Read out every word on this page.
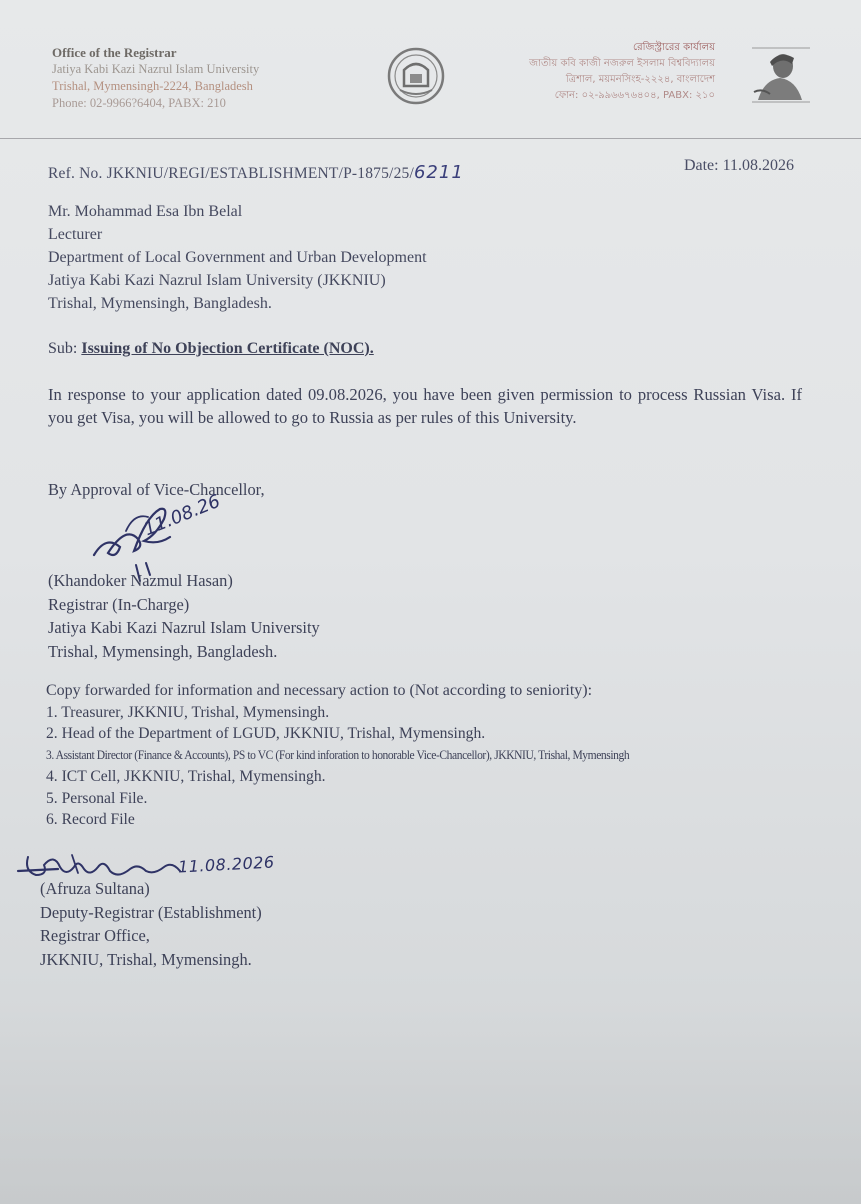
Office of the Registrar
Jatiya Kabi Kazi Nazrul Islam University
Trishal, Mymensingh-2224, Bangladesh
Phone: 02-9966?6404, PABX: 210
রেজিস্ট্রারের কার্যালয়
জাতীয় কবি কাজী নজরুল ইসলাম বিশ্ববিদ্যালয়
ত্রিশাল, ময়মনসিংহ-২২২৪, বাংলাদেশ
ফোন: ০২-৯৯৬৬৭৬৪০৪, PABX: ২১০
Ref. No. JKKNIU/REGI/ESTABLISHMENT/P-1875/25/6211	Date: 11.08.2026
Mr. Mohammad Esa Ibn Belal
Lecturer
Department of Local Government and Urban Development
Jatiya Kabi Kazi Nazrul Islam University (JKKNIU)
Trishal, Mymensingh, Bangladesh.
Sub: Issuing of No Objection Certificate (NOC).
In response to your application dated 09.08.2026, you have been given permission to process Russian Visa. If you get Visa, you will be allowed to go to Russia as per rules of this University.
By Approval of Vice-Chancellor,
11.08.26
(Khandoker Nazmul Hasan)
Registrar (In-Charge)
Jatiya Kabi Kazi Nazrul Islam University
Trishal, Mymensingh, Bangladesh.
Copy forwarded for information and necessary action to (Not according to seniority):
1. Treasurer, JKKNIU, Trishal, Mymensingh.
2. Head of the Department of LGUD, JKKNIU, Trishal, Mymensingh.
3. Assistant Director (Finance & Accounts), PS to VC (For kind inforation to honorable Vice-Chancellor), JKKNIU, Trishal, Mymensingh
4. ICT Cell, JKKNIU, Trishal, Mymensingh.
5. Personal File.
6. Record File
11.08.2026
(Afruza Sultana)
Deputy-Registrar (Establishment)
Registrar Office,
JKKNIU, Trishal, Mymensingh.
